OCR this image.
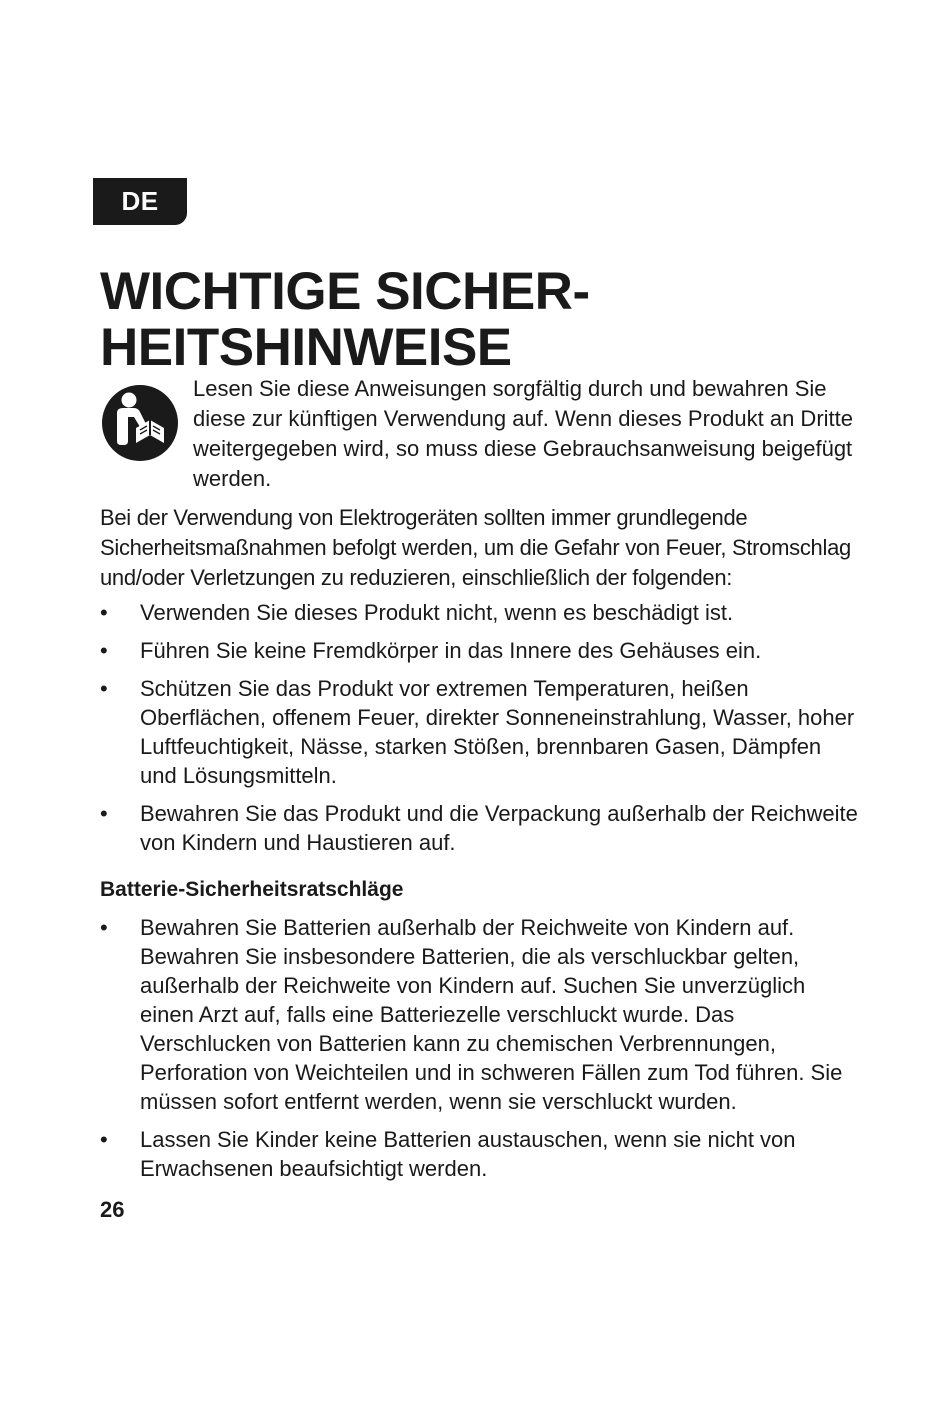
DE
WICHTIGE SICHER-
HEITSHINWEISE

Lesen Sie diese Anweisungen sorgfältig durch und bewahren Sie diese zur künftigen Verwendung auf. Wenn dieses Produkt an Dritte weitergegeben wird, so muss diese Gebrauchsanweisung beigefügt werden.

Bei der Verwendung von Elektrogeräten sollten immer grundlegende Sicherheitsmaßnahmen befolgt werden, um die Gefahr von Feuer, Stromschlag und/oder Verletzungen zu reduzieren, einschließlich der folgenden:

• Verwenden Sie dieses Produkt nicht, wenn es beschädigt ist.
• Führen Sie keine Fremdkörper in das Innere des Gehäuses ein.
• Schützen Sie das Produkt vor extremen Temperaturen, heißen Oberflächen, offenem Feuer, direkter Sonneneinstrahlung, Wasser, hoher Luftfeuchtigkeit, Nässe, starken Stößen, brennbaren Gasen, Dämpfen und Lösungsmitteln.
• Bewahren Sie das Produkt und die Verpackung außerhalb der Reichweite von Kindern und Haustieren auf.
Batterie-Sicherheitsratschläge
• Bewahren Sie Batterien außerhalb der Reichweite von Kindern auf. Bewahren Sie insbesondere Batterien, die als verschluckbar gelten, außerhalb der Reichweite von Kindern auf. Suchen Sie unverzüglich einen Arzt auf, falls eine Batteriezelle verschluckt wurde. Das Verschlucken von Batterien kann zu chemischen Verbrennungen, Perforation von Weichteilen und in schweren Fällen zum Tod führen. Sie müssen sofort entfernt werden, wenn sie verschluckt wurden.
• Lassen Sie Kinder keine Batterien austauschen, wenn sie nicht von Erwachsenen beaufsichtigt werden.
26
